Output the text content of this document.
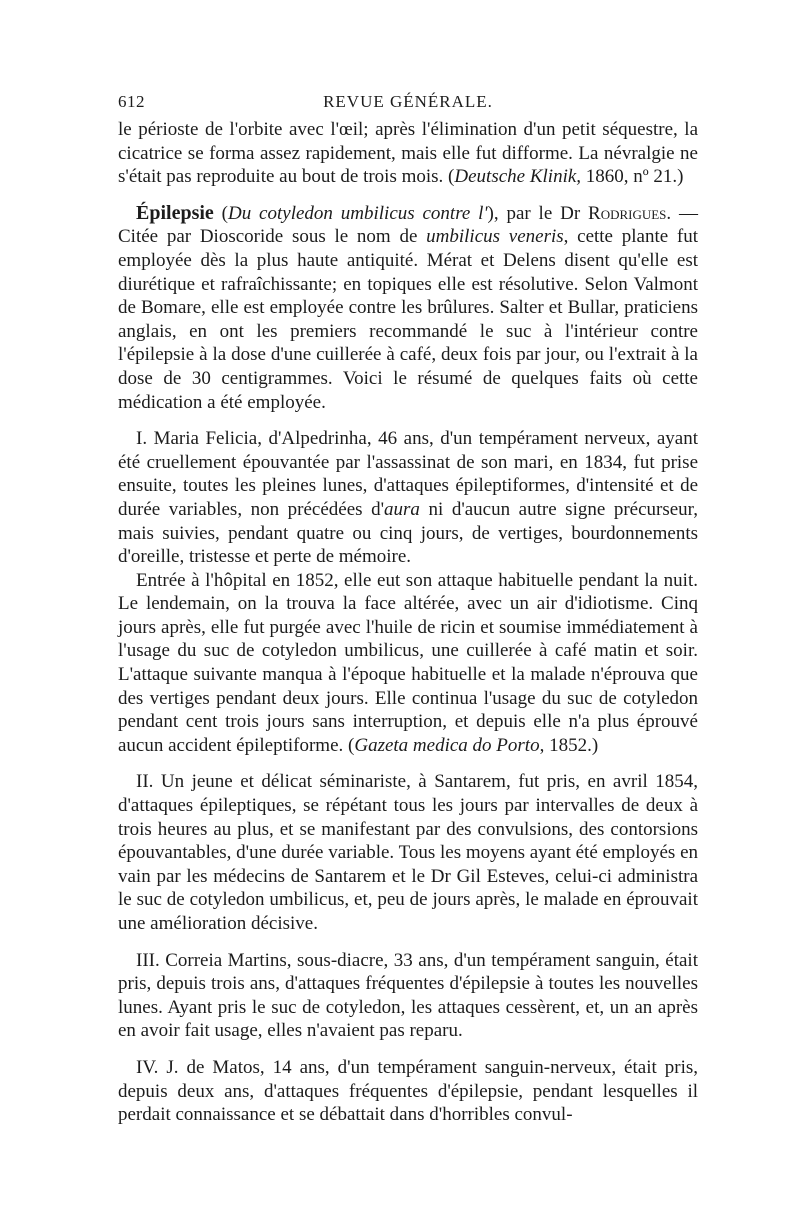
612	REVUE GÉNÉRALE.

le périoste de l'orbite avec l'œil; après l'élimination d'un petit séquestre, la cicatrice se forma assez rapidement, mais elle fut difforme. La névralgie ne s'était pas reproduite au bout de trois mois. (Deutsche Klinik, 1860, nº 21.)

Épilepsie (Du cotyledon umbilicus contre l'), par le Dr Rodrigues. — Citée par Dioscoride sous le nom de umbilicus veneris, cette plante fut employée dès la plus haute antiquité. Mérat et Delens disent qu'elle est diurétique et rafraîchissante; en topiques elle est résolutive. Selon Valmont de Bomare, elle est employée contre les brûlures. Salter et Bullar, praticiens anglais, en ont les premiers recommandé le suc à l'intérieur contre l'épilepsie à la dose d'une cuillerée à café, deux fois par jour, ou l'extrait à la dose de 30 centigrammes. Voici le résumé de quelques faits où cette médication a été employée.

I. Maria Felicia, d'Alpedrinha, 46 ans, d'un tempérament nerveux, ayant été cruellement épouvantée par l'assassinat de son mari, en 1834, fut prise ensuite, toutes les pleines lunes, d'attaques épileptiformes, d'intensité et de durée variables, non précédées d'aura ni d'aucun autre signe précurseur, mais suivies, pendant quatre ou cinq jours, de vertiges, bourdonnements d'oreille, tristesse et perte de mémoire.

Entrée à l'hôpital en 1852, elle eut son attaque habituelle pendant la nuit. Le lendemain, on la trouva la face altérée, avec un air d'idiotisme. Cinq jours après, elle fut purgée avec l'huile de ricin et soumise immédiatement à l'usage du suc de cotyledon umbilicus, une cuillerée à café matin et soir. L'attaque suivante manqua à l'époque habituelle et la malade n'éprouva que des vertiges pendant deux jours. Elle continua l'usage du suc de cotyledon pendant cent trois jours sans interruption, et depuis elle n'a plus éprouvé aucun accident épileptiforme. (Gazeta medica do Porto, 1852.)

II. Un jeune et délicat séminariste, à Santarem, fut pris, en avril 1854, d'attaques épileptiques, se répétant tous les jours par intervalles de deux à trois heures au plus, et se manifestant par des convulsions, des contorsions épouvantables, d'une durée variable. Tous les moyens ayant été employés en vain par les médecins de Santarem et le Dr Gil Esteves, celui-ci administra le suc de cotyledon umbilicus, et, peu de jours après, le malade en éprouvait une amélioration décisive.

III. Correia Martins, sous-diacre, 33 ans, d'un tempérament sanguin, était pris, depuis trois ans, d'attaques fréquentes d'épilepsie à toutes les nouvelles lunes. Ayant pris le suc de cotyledon, les attaques cessèrent, et, un an après en avoir fait usage, elles n'avaient pas reparu.

IV. J. de Matos, 14 ans, d'un tempérament sanguin-nerveux, était pris, depuis deux ans, d'attaques fréquentes d'épilepsie, pendant lesquelles il perdait connaissance et se débattait dans d'horribles convul-
